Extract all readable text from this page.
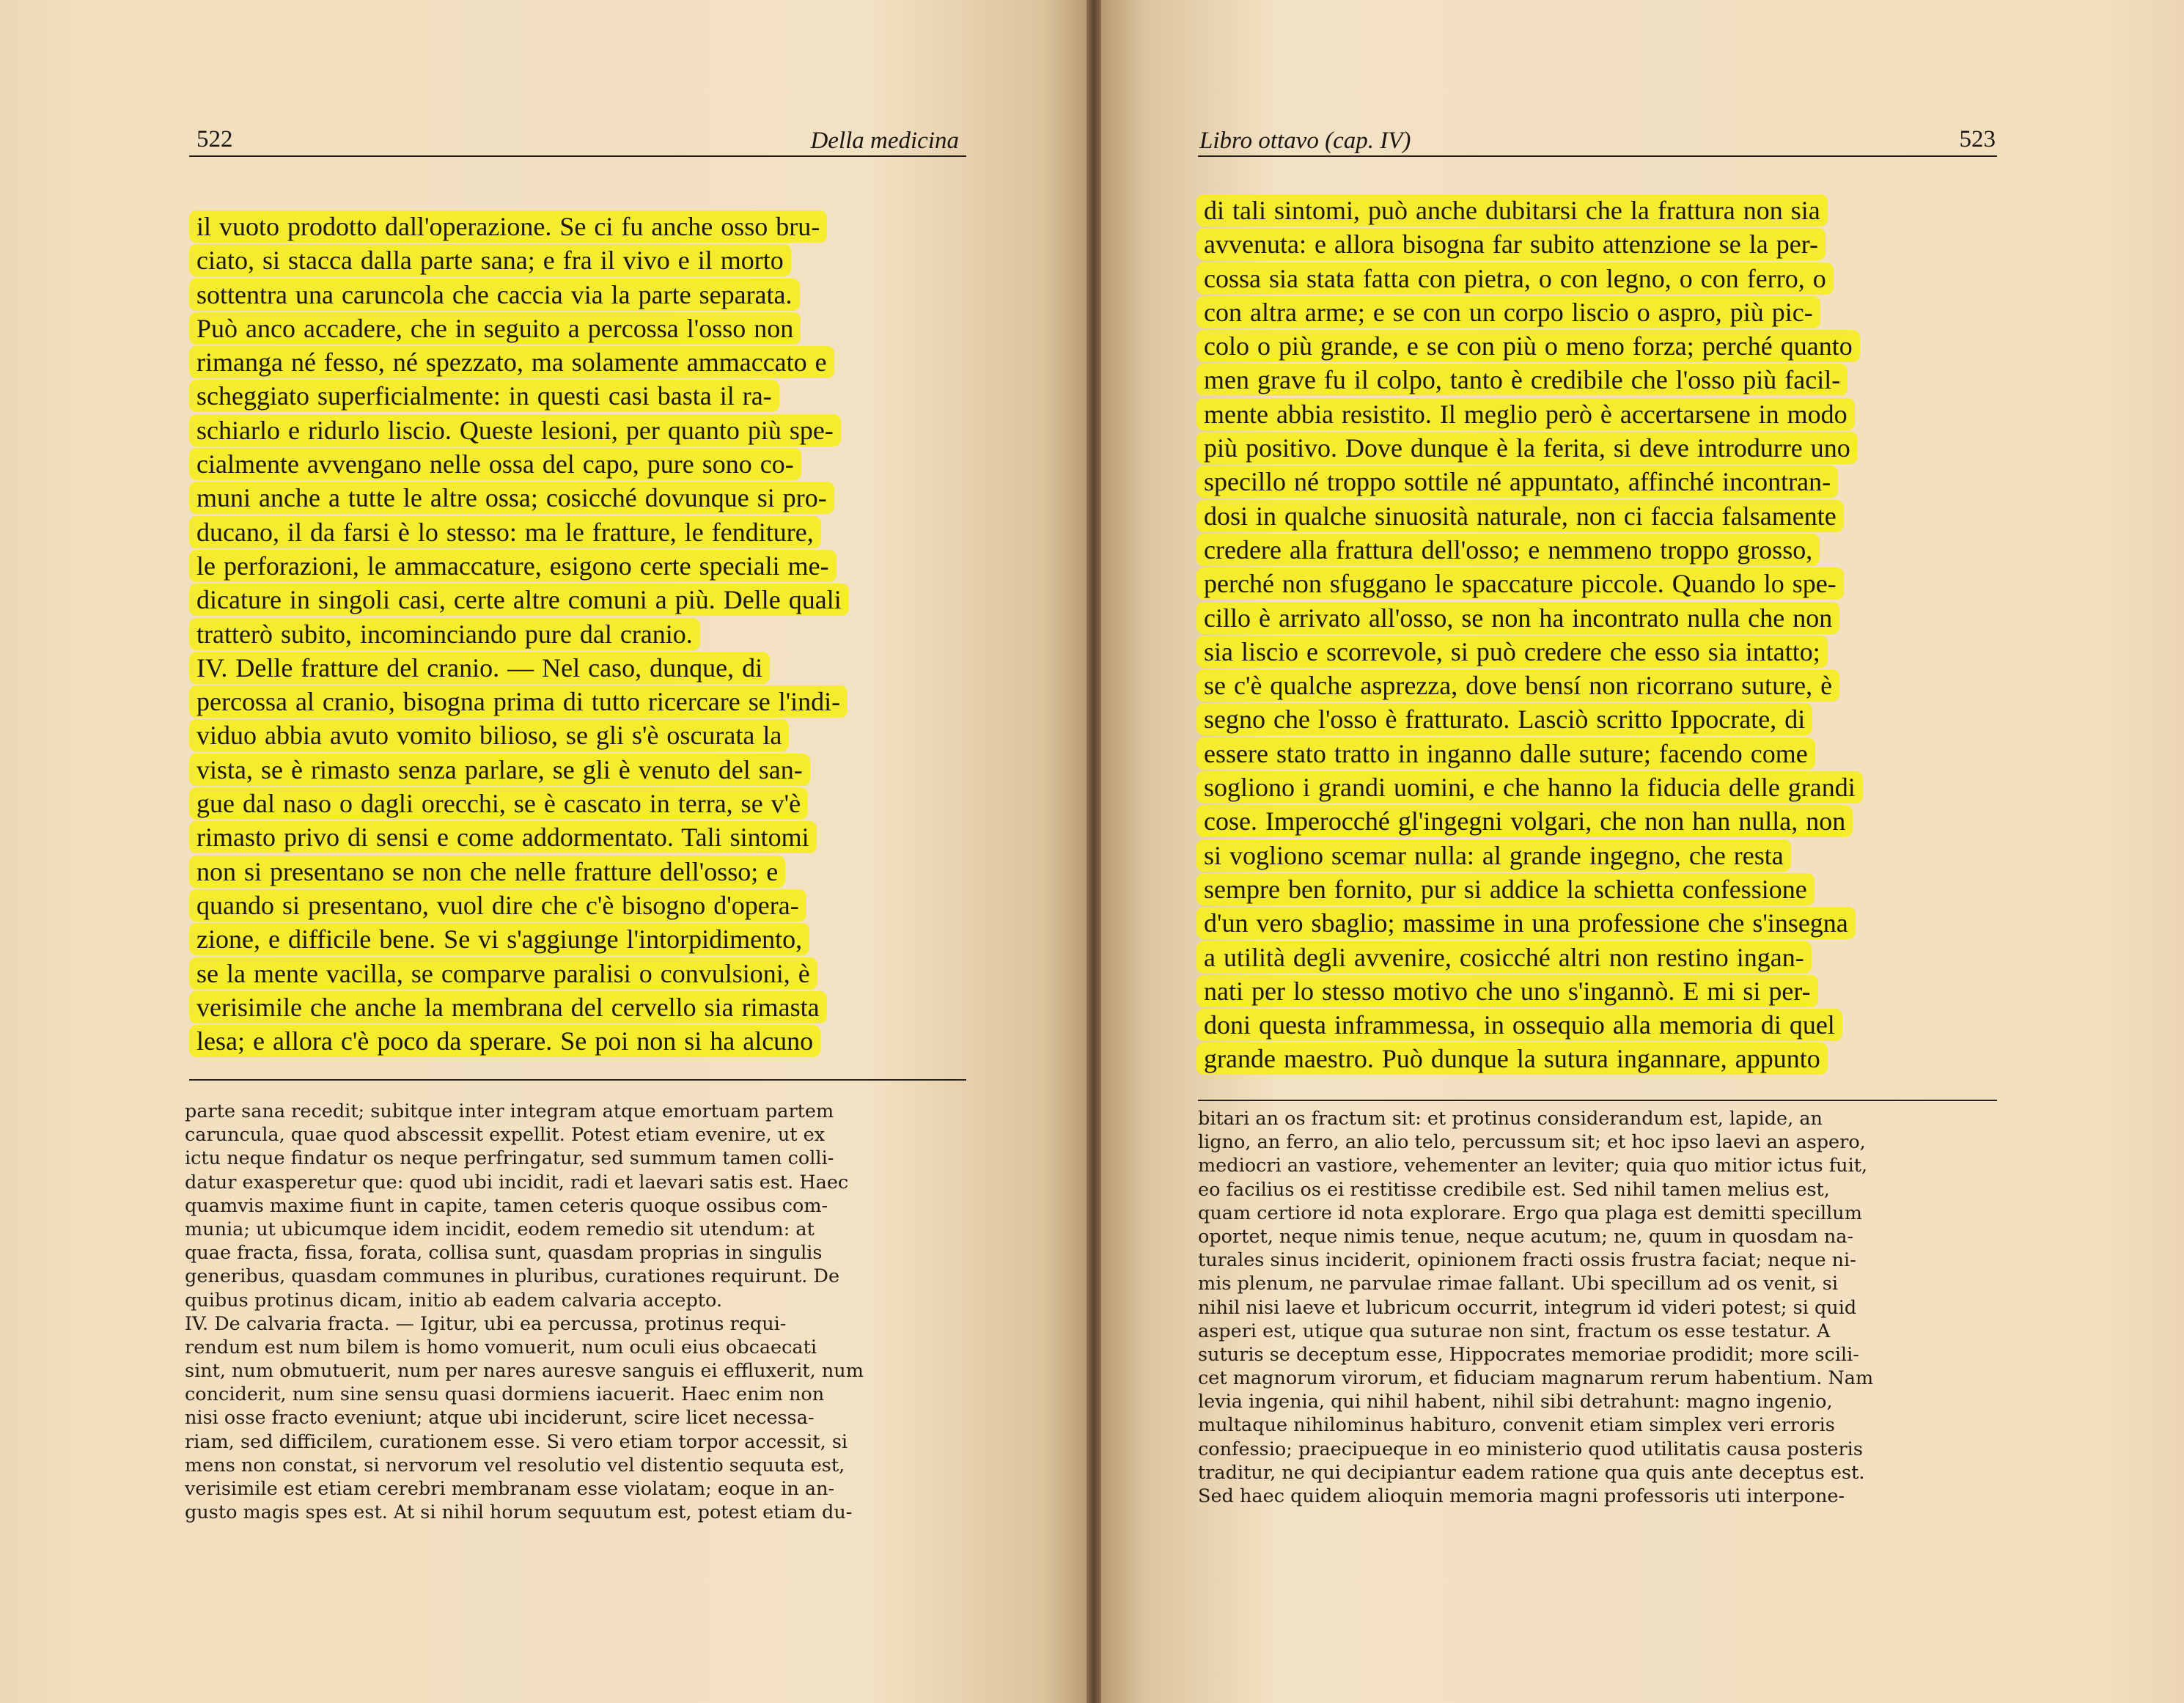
522	Della medicina
il vuoto prodotto dall'operazione. Se ci fu anche osso bru-
ciato, si stacca dalla parte sana; e fra il vivo e il morto
sottentra una caruncola che caccia via la parte separata.
Può anco accadere, che in seguito a percossa l'osso non
rimanga né fesso, né spezzato, ma solamente ammaccato e
scheggiato superficialmente: in questi casi basta il ra-
schiarlo e ridurlo liscio. Queste lesioni, per quanto più spe-
cialmente avvengano nelle ossa del capo, pure sono co-
muni anche a tutte le altre ossa; cosicché dovunque si pro-
ducano, il da farsi è lo stesso: ma le fratture, le fenditure,
le perforazioni, le ammaccature, esigono certe speciali me-
dicature in singoli casi, certe altre comuni a più. Delle quali
tratterò subito, incominciando pure dal cranio.
IV. Delle fratture del cranio. — Nel caso, dunque, di
percossa al cranio, bisogna prima di tutto ricercare se l'indi-
viduo abbia avuto vomito bilioso, se gli s'è oscurata la
vista, se è rimasto senza parlare, se gli è venuto del san-
gue dal naso o dagli orecchi, se è cascato in terra, se v'è
rimasto privo di sensi e come addormentato. Tali sintomi
non si presentano se non che nelle fratture dell'osso; e
quando si presentano, vuol dire che c'è bisogno d'opera-
zione, e difficile bene. Se vi s'aggiunge l'intorpidimento,
se la mente vacilla, se comparve paralisi o convulsioni, è
verisimile che anche la membrana del cervello sia rimasta
lesa; e allora c'è poco da sperare. Se poi non si ha alcuno
parte sana recedit; subitque inter integram atque emortuam partem
caruncula, quae quod abscessit expellit. Potest etiam evenire, ut ex
ictu neque findatur os neque perfringatur, sed summum tamen colli-
datur exasperetur que: quod ubi incidit, radi et laevari satis est. Haec
quamvis maxime fiunt in capite, tamen ceteris quoque ossibus com-
munia; ut ubicumque idem incidit, eodem remedio sit utendum: at
quae fracta, fissa, forata, collisa sunt, quasdam proprias in singulis
generibus, quasdam communes in pluribus, curationes requirunt. De
quibus protinus dicam, initio ab eadem calvaria accepto.
IV. De calvaria fracta. — Igitur, ubi ea percussa, protinus requi-
rendum est num bilem is homo vomuerit, num oculi eius obcaecati
sint, num obmutuerit, num per nares auresve sanguis ei effluxerit, num
conciderit, num sine sensu quasi dormiens iacuerit. Haec enim non
nisi osse fracto eveniunt; atque ubi inciderunt, scire licet necessa-
riam, sed difficilem, curationem esse. Si vero etiam torpor accessit, si
mens non constat, si nervorum vel resolutio vel distentio sequuta est,
verisimile est etiam cerebri membranam esse violatam; eoque in an-
gusto magis spes est. At si nihil horum sequutum est, potest etiam du-
Libro ottavo (cap. IV)	523
di tali sintomi, può anche dubitarsi che la frattura non sia
avvenuta: e allora bisogna far subito attenzione se la per-
cossa sia stata fatta con pietra, o con legno, o con ferro, o
con altra arme; e se con un corpo liscio o aspro, più pic-
colo o più grande, e se con più o meno forza; perché quanto
men grave fu il colpo, tanto è credibile che l'osso più facil-
mente abbia resistito. Il meglio però è accertarsene in modo
più positivo. Dove dunque è la ferita, si deve introdurre uno
specillo né troppo sottile né appuntato, affinché incontran-
dosi in qualche sinuosità naturale, non ci faccia falsamente
credere alla frattura dell'osso; e nemmeno troppo grosso,
perché non sfuggano le spaccature piccole. Quando lo spe-
cillo è arrivato all'osso, se non ha incontrato nulla che non
sia liscio e scorrevole, si può credere che esso sia intatto;
se c'è qualche asprezza, dove bensí non ricorrano suture, è
segno che l'osso è fratturato. Lasciò scritto Ippocrate, di
essere stato tratto in inganno dalle suture; facendo come
sogliono i grandi uomini, e che hanno la fiducia delle grandi
cose. Imperocché gl'ingegni volgari, che non han nulla, non
si vogliono scemar nulla: al grande ingegno, che resta
sempre ben fornito, pur si addice la schietta confessione
d'un vero sbaglio; massime in una professione che s'insegna
a utilità degli avvenire, cosicché altri non restino ingan-
nati per lo stesso motivo che uno s'ingannò. E mi si per-
doni questa inframmessa, in ossequio alla memoria di quel
grande maestro. Può dunque la sutura ingannare, appunto
bitari an os fractum sit: et protinus considerandum est, lapide, an
ligno, an ferro, an alio telo, percussum sit; et hoc ipso laevi an aspero,
mediocri an vastiore, vehementer an leviter; quia quo mitior ictus fuit,
eo facilius os ei restitisse credibile est. Sed nihil tamen melius est,
quam certiore id nota explorare. Ergo qua plaga est demitti specillum
oportet, neque nimis tenue, neque acutum; ne, quum in quosdam na-
turales sinus inciderit, opinionem fracti ossis frustra faciat; neque ni-
mis plenum, ne parvulae rimae fallant. Ubi specillum ad os venit, si
nihil nisi laeve et lubricum occurrit, integrum id videri potest; si quid
asperi est, utique qua suturae non sint, fractum os esse testatur. A
suturis se deceptum esse, Hippocrates memoriae prodidit; more scili-
cet magnorum virorum, et fiduciam magnarum rerum habentium. Nam
levia ingenia, qui nihil habent, nihil sibi detrahunt: magno ingenio,
multaque nihilominus habituro, convenit etiam simplex veri erroris
confessio; praecipueque in eo ministerio quod utilitatis causa posteris
traditur, ne qui decipiantur eadem ratione qua quis ante deceptus est.
Sed haec quidem alioquin memoria magni professoris uti interpone-
